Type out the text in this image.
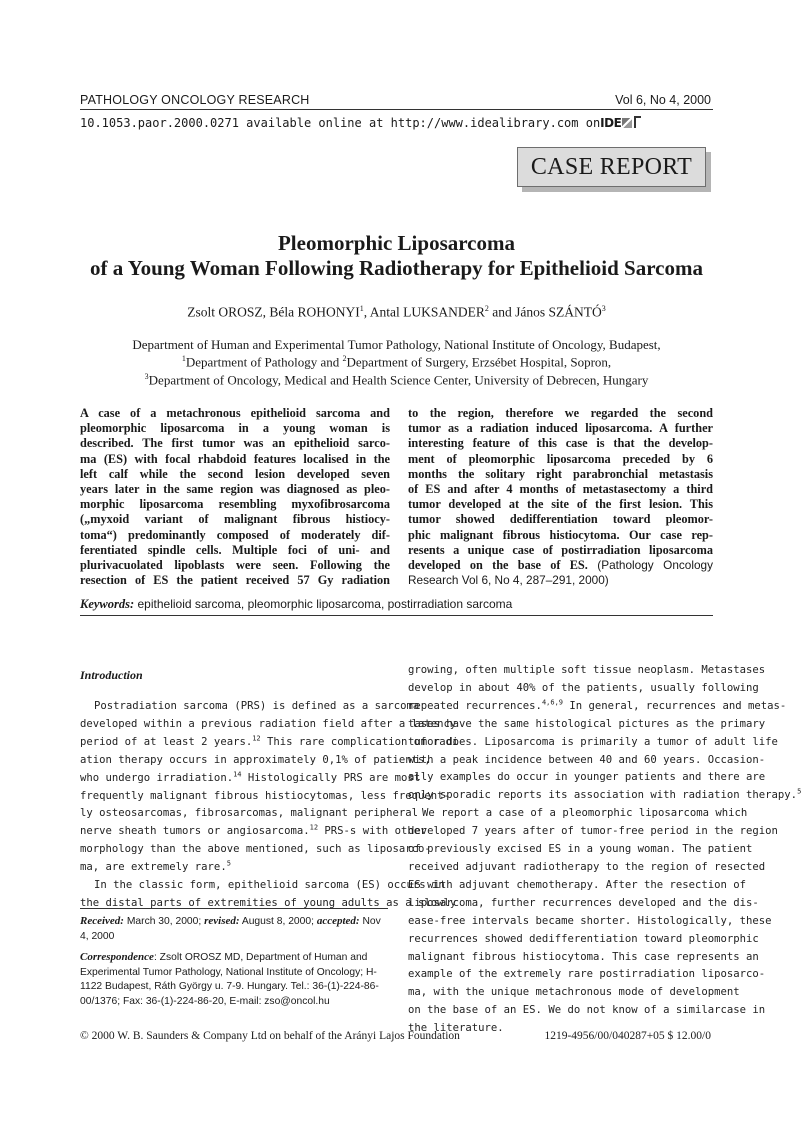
PATHOLOGY ONCOLOGY RESEARCH	Vol 6, No 4, 2000
10.1053.paor.2000.0271 available online at http://www.idealibrary.com onIDE
CASE REPORT
Pleomorphic Liposarcoma
of a Young Woman Following Radiotherapy for Epithelioid Sarcoma
Zsolt OROSZ, Béla ROHONYI$^1$, Antal LUKSANDER$^2$ and János SZÁNTÓ$^3$
Department of Human and Experimental Tumor Pathology, National Institute of Oncology, Budapest,
$^1$Department of Pathology and $^2$Department of Surgery, Erzsébet Hospital, Sopron,
$^3$Department of Oncology, Medical and Health Science Center, University of Debrecen, Hungary
A case of a metachronous epithelioid sarcoma and
pleomorphic liposarcoma in a young woman is
described. The first tumor was an epithelioid sarco-
ma (ES) with focal rhabdoid features localised in the
left calf while the second lesion developed seven
years later in the same region was diagnosed as pleo-
morphic liposarcoma resembling myxofibrosarcoma
(„myxoid variant of malignant fibrous histiocy-
toma“) predominantly composed of moderately dif-
ferentiated spindle cells. Multiple foci of uni- and
plurivacuolated lipoblasts were seen. Following the
resection of ES the patient received 57 Gy radiation
to the region, therefore we regarded the second
tumor as a radiation induced liposarcoma. A further
interesting feature of this case is that the develop-
ment of pleomorphic liposarcoma preceded by 6
months the solitary right parabronchial metastasis
of ES and after 4 months of metastasectomy a third
tumor developed at the site of the first lesion. This
tumor showed dedifferentiation toward pleomor-
phic malignant fibrous histiocytoma. Our case rep-
resents a unique case of postirradiation liposarcoma
developed on the base of ES. (Pathology Oncology
Research Vol 6, No 4, 287–291, 2000)
Keywords: epithelioid sarcoma, pleomorphic liposarcoma, postirradiation sarcoma
Introduction
Postradiation sarcoma (PRS) is defined as a sarcoma
developed within a previous radiation field after a latency
period of at least 2 years.$^{12}$ This rare complication of radi-
ation therapy occurs in approximately 0,1% of patients,
who undergo irradiation.$^{14}$ Histologically PRS are most
frequently malignant fibrous histiocytomas, less frequent-
ly osteosarcomas, fibrosarcomas, malignant peripheral
nerve sheath tumors or angiosarcoma.$^{12}$ PRS-s with other
morphology than the above mentioned, such as liposarco-
ma, are extremely rare.$^5$
In the classic form, epithelioid sarcoma (ES) occurs in
the distal parts of extremities of young adults as a slowly
growing, often multiple soft tissue neoplasm. Metastases
develop in about 40% of the patients, usually following
repeated recurrences.$^{4,6,9}$ In general, recurrences and metas-
tases have the same histological pictures as the primary
tumor does. Liposarcoma is primarily a tumor of adult life
with a peak incidence between 40 and 60 years. Occasion-
ally examples do occur in younger patients and there are
only sporadic reports its association with radiation therapy.$^5$
We report a case of a pleomorphic liposarcoma which
developed 7 years after of tumor-free period in the region
of previously excised ES in a young woman. The patient
received adjuvant radiotherapy to the region of resected
ES with adjuvant chemotherapy. After the resection of
liposarcoma, further recurrences developed and the dis-
ease-free intervals became shorter. Histologically, these
recurrences showed dedifferentiation toward pleomorphic
malignant fibrous histiocytoma. This case represents an
example of the extremely rare postirradiation liposarco-
ma, with the unique metachronous mode of development
on the base of an ES. We do not know of a similarcase in
the literature.

Received: March 30, 2000; revised: August 8, 2000; accepted: Nov 4, 2000

Correspondence: Zsolt OROSZ MD, Department of Human and Experimental Tumor Pathology, National Institute of Oncology; H-1122 Budapest, Ráth György u. 7-9. Hungary. Tel.: 36-(1)-224-86-00/1376; Fax: 36-(1)-224-86-20, E-mail: zso@oncol.hu

© 2000 W. B. Saunders & Company Ltd on behalf of the Arányi Lajos Foundation	1219-4956/00/040287+05 $ 12.00/0
